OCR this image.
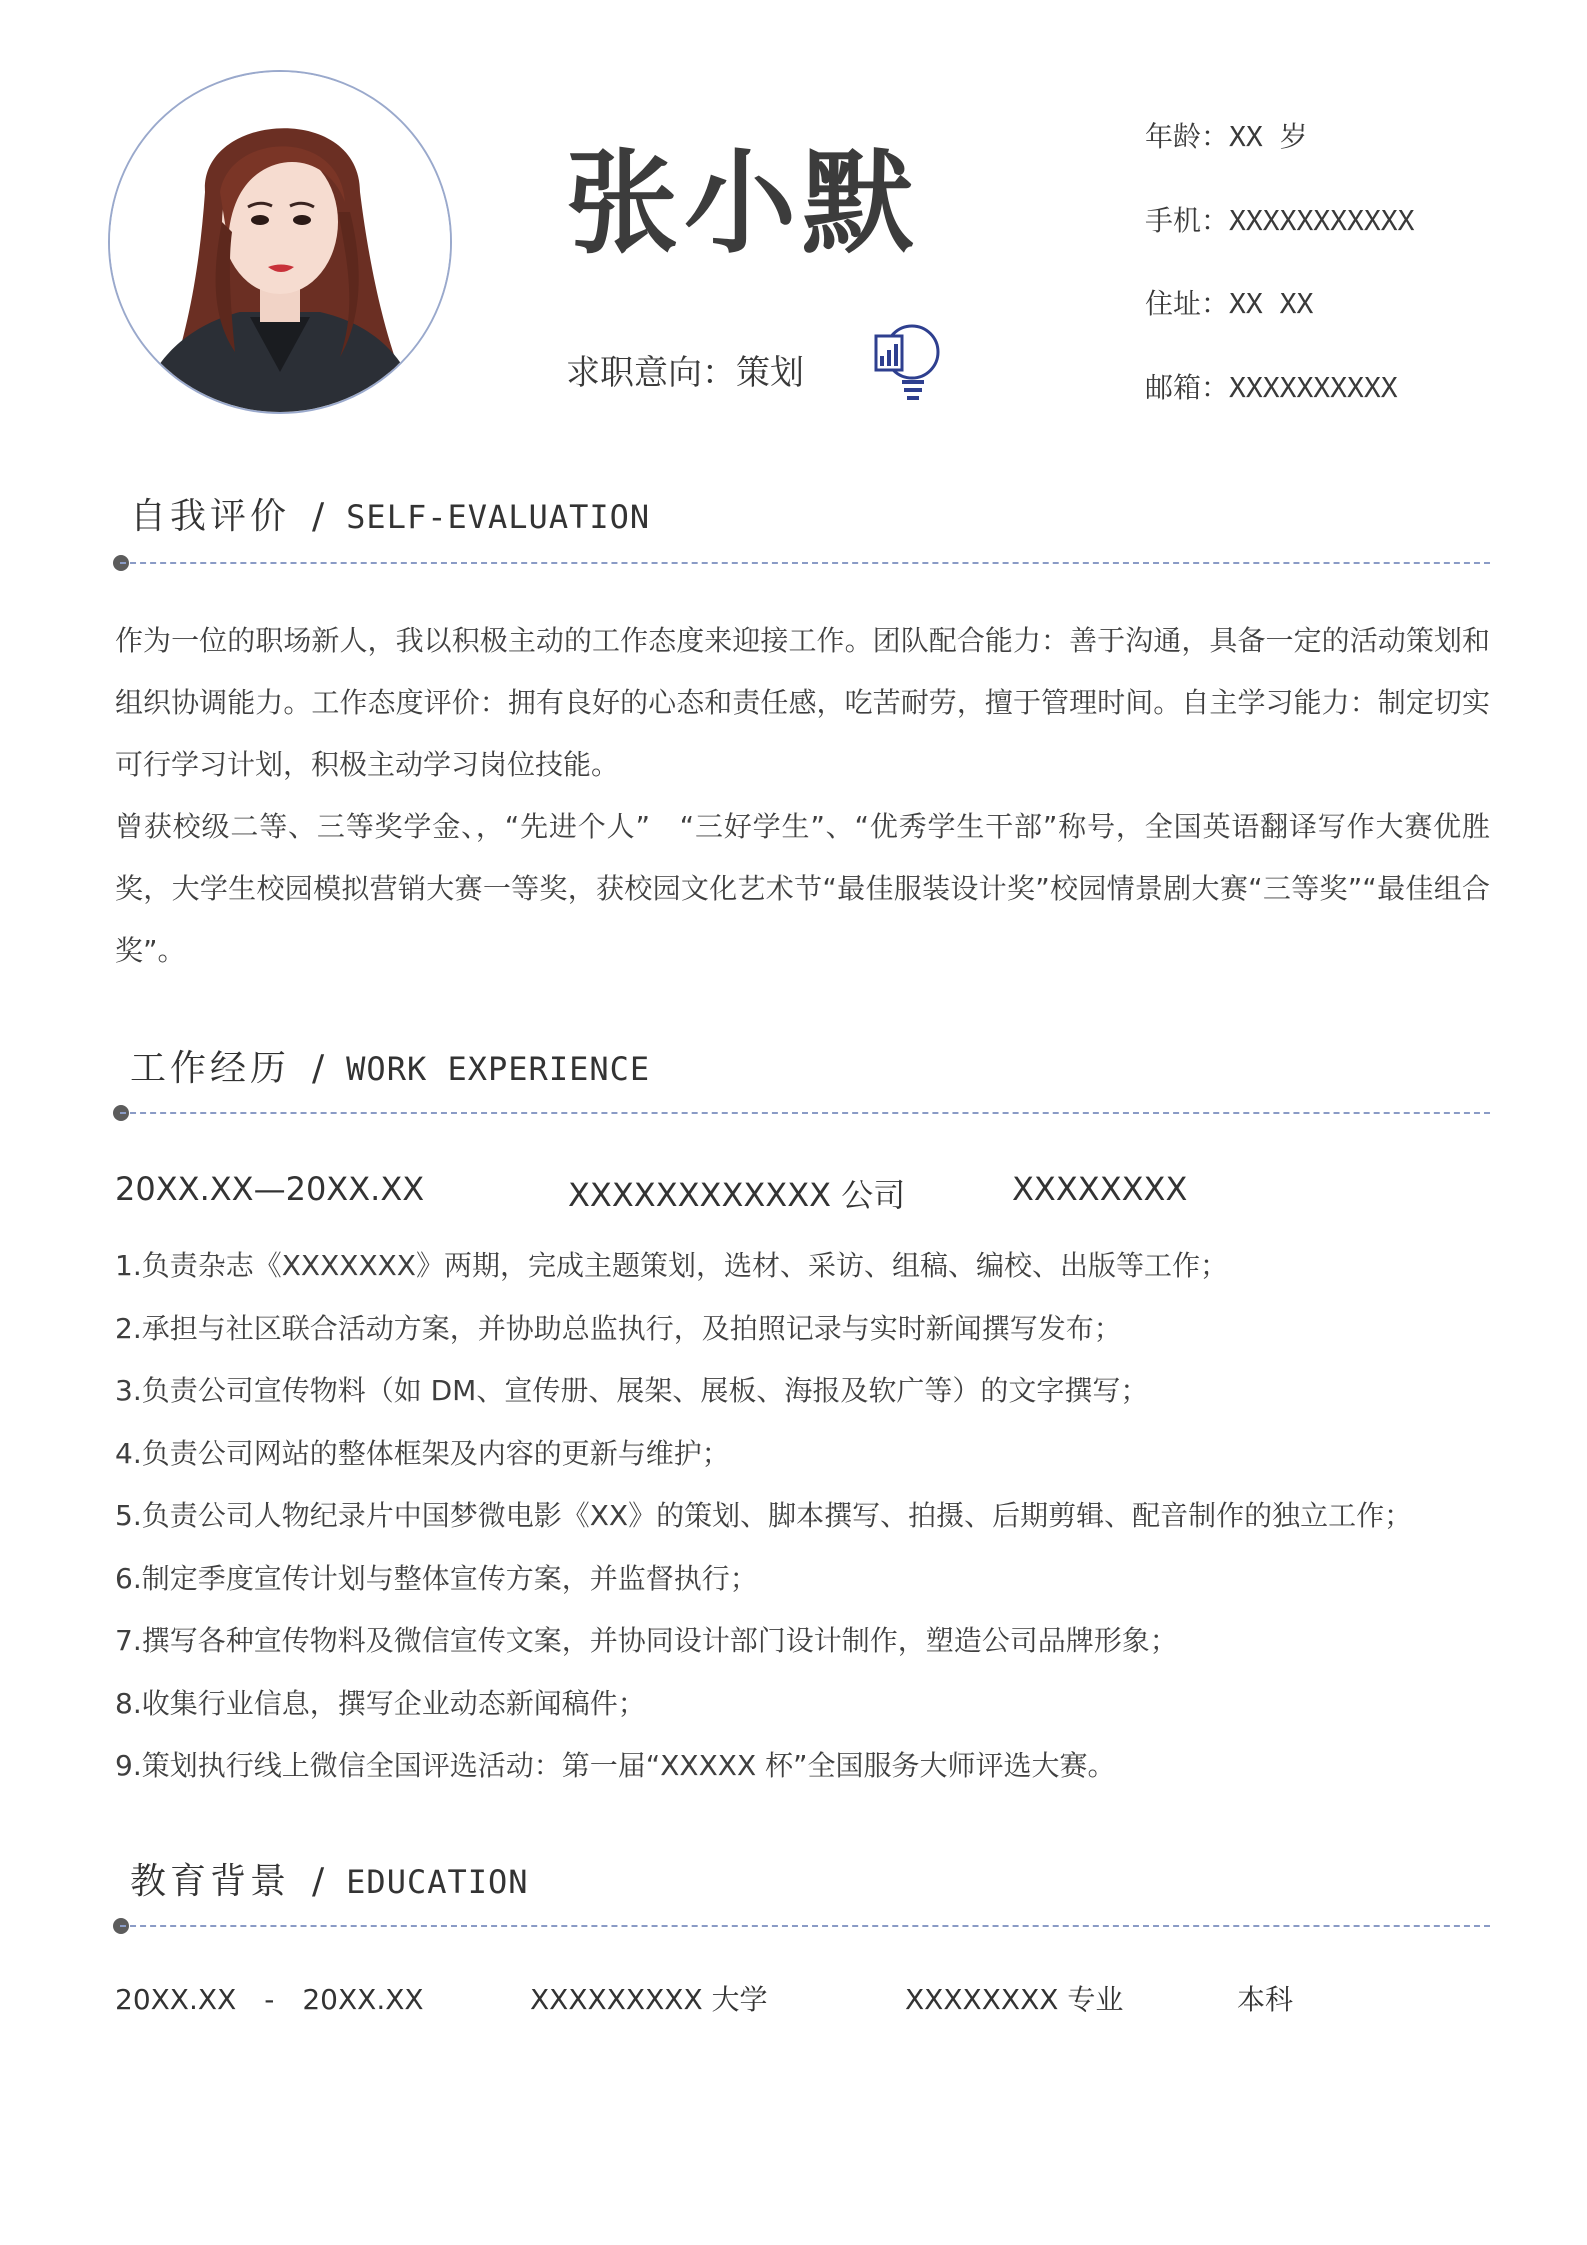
张小默
求职意向：策划
年龄：XX 岁
手机：XXXXXXXXXXX
住址：XX XX
邮箱：XXXXXXXXXX
自我评价 / SELF-EVALUATION

作为一位的职场新人，我以积极主动的工作态度来迎接工作。团队配合能力：善于沟通，具备一定的活动策划和组织协调能力。工作态度评价：拥有良好的心态和责任感，吃苦耐劳，擅于管理时间。自主学习能力：制定切实可行学习计划，积极主动学习岗位技能。

曾获校级二等、三等奖学金、，“先进个人”　“三好学生”、“优秀学生干部”称号，全国英语翻译写作大赛优胜奖，大学生校园模拟营销大赛一等奖，获校园文化艺术节“最佳服装设计奖”校园情景剧大赛“三等奖”“最佳组合奖”。

工作经历 / WORK EXPERIENCE
20XX.XX—20XX.XX	XXXXXXXXXXXX 公司	XXXXXXXX
1.负责杂志《XXXXXXX》两期，完成主题策划，选材、采访、组稿、编校、出版等工作；
2.承担与社区联合活动方案，并协助总监执行，及拍照记录与实时新闻撰写发布；
3.负责公司宣传物料（如 DM、宣传册、展架、展板、海报及软广等）的文字撰写；
4.负责公司网站的整体框架及内容的更新与维护；
5.负责公司人物纪录片中国梦微电影《XX》的策划、脚本撰写、拍摄、后期剪辑、配音制作的独立工作；
6.制定季度宣传计划与整体宣传方案，并监督执行；
7.撰写各种宣传物料及微信宣传文案，并协同设计部门设计制作，塑造公司品牌形象；
8.收集行业信息，撰写企业动态新闻稿件；
9.策划执行线上微信全国评选活动：第一届“XXXXX 杯”全国服务大师评选大赛。
教育背景 / EDUCATION
20XX.XX　-　20XX.XX	XXXXXXXXX 大学	XXXXXXXX 专业	本科
